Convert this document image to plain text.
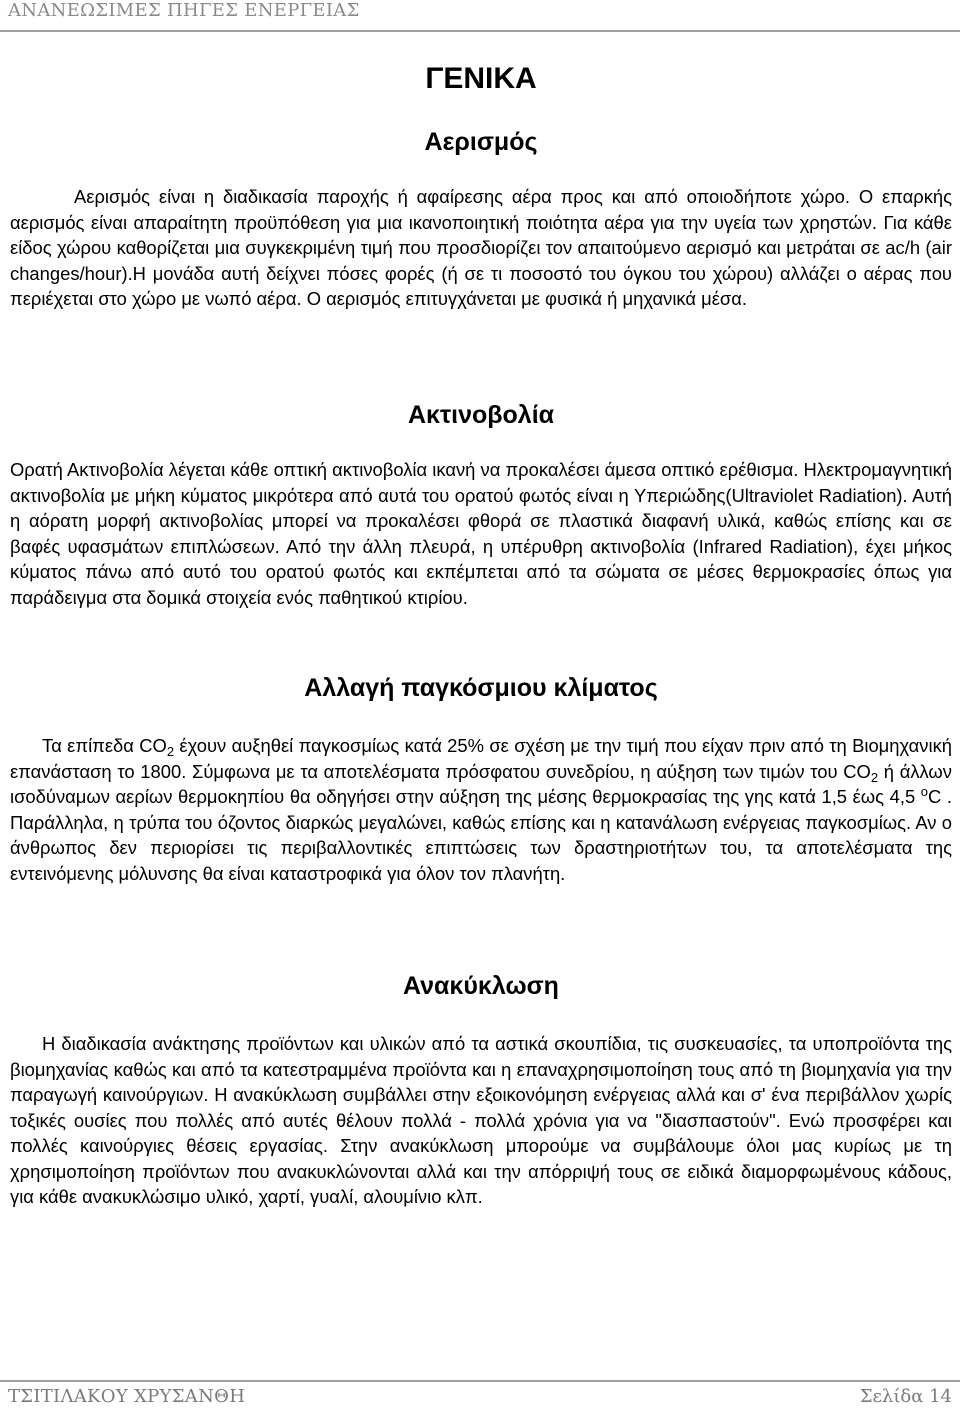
ΑΝΑΝΕΩΣΙΜΕΣ ΠΗΓΕΣ ΕΝΕΡΓΕΙΑΣ
ΓΕΝΙΚΑ
Αερισμός

Αερισμός είναι η διαδικασία παροχής ή αφαίρεσης αέρα προς και από οποιοδήποτε χώρο. Ο επαρκής αερισμός είναι απαραίτητη προϋπόθεση για μια ικανοποιητική ποιότητα αέρα για την υγεία των χρηστών. Για κάθε είδος χώρου καθορίζεται μια συγκεκριμένη τιμή που προσδιορίζει τον απαιτούμενο αερισμό και μετράται σε ac/h (air changes/hour).Η μονάδα αυτή δείχνει πόσες φορές (ή σε τι ποσοστό του όγκου του χώρου) αλλάζει ο αέρας που περιέχεται στο χώρο με νωπό αέρα. Ο αερισμός επιτυγχάνεται με φυσικά ή μηχανικά μέσα.

Ακτινοβολία

Ορατή Ακτινοβολία λέγεται κάθε οπτική ακτινοβολία ικανή να προκαλέσει άμεσα οπτικό ερέθισμα. Ηλεκτρομαγνητική ακτινοβολία με μήκη κύματος μικρότερα από αυτά του ορατού φωτός είναι η Υπεριώδης(Ultraviolet Radiation). Αυτή η αόρατη μορφή ακτινοβολίας μπορεί να προκαλέσει φθορά σε πλαστικά διαφανή υλικά, καθώς επίσης και σε βαφές υφασμάτων επιπλώσεων. Από την άλλη πλευρά, η υπέρυθρη ακτινοβολία (Infrared Radiation), έχει μήκος κύματος πάνω από αυτό του ορατού φωτός και εκπέμπεται από τα σώματα σε μέσες θερμοκρασίες όπως για παράδειγμα στα δομικά στοιχεία ενός παθητικού κτιρίου.

Αλλαγή παγκόσμιου κλίματος

Τα επίπεδα $CO_2$ έχουν αυξηθεί παγκοσμίως κατά 25% σε σχέση με την τιμή που είχαν πριν από τη Βιομηχανική επανάσταση το 1800. Σύμφωνα με τα αποτελέσματα πρόσφατου συνεδρίου, η αύξηση των τιμών του $CO_2$ ή άλλων ισοδύναμων αερίων θερμοκηπίου θα οδηγήσει στην αύξηση της μέσης θερμοκρασίας της γης κατά 1,5 έως 4,5 $^o$C . Παράλληλα, η τρύπα του όζοντος διαρκώς μεγαλώνει, καθώς επίσης και η κατανάλωση ενέργειας παγκοσμίως. Αν ο άνθρωπος δεν περιορίσει τις περιβαλλοντικές επιπτώσεις των δραστηριοτήτων του, τα αποτελέσματα της εντεινόμενης μόλυνσης θα είναι καταστροφικά για όλον τον πλανήτη.

Ανακύκλωση

Η διαδικασία ανάκτησης προϊόντων και υλικών από τα αστικά σκουπίδια, τις συσκευασίες, τα υποπροϊόντα της βιομηχανίας καθώς και από τα κατεστραμμένα προϊόντα και η επαναχρησιμοποίηση τους από τη βιομηχανία για την παραγωγή καινούργιων. Η ανακύκλωση συμβάλλει στην εξοικονόμηση ενέργειας αλλά και σ' ένα περιβάλλον χωρίς τοξικές ουσίες που πολλές από αυτές θέλουν πολλά - πολλά χρόνια για να "διασπαστούν". Ενώ προσφέρει και πολλές καινούργιες θέσεις εργασίας. Στην ανακύκλωση μπορούμε να συμβάλουμε όλοι μας κυρίως με τη χρησιμοποίηση προϊόντων που ανακυκλώνονται αλλά και την απόρριψή τους σε ειδικά διαμορφωμένους κάδους, για κάθε ανακυκλώσιμο υλικό, χαρτί, γυαλί, αλουμίνιο κλπ.

ΤΣΙΤΙΛΑΚΟΥ ΧΡΥΣΑΝΘΗ	Σελίδα 14
